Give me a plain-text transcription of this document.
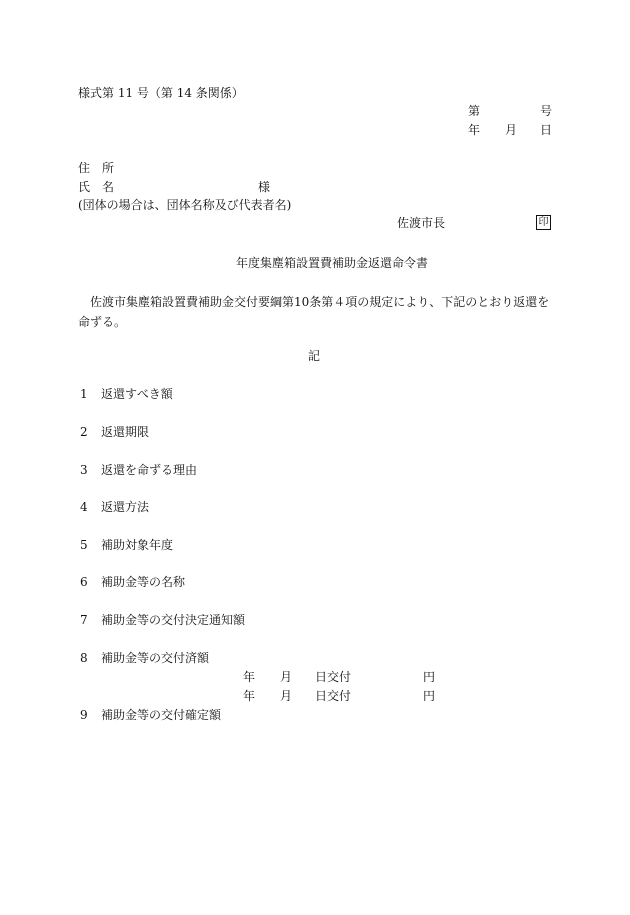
様式第 11 号（第 14 条関係）
第	号
年 月 日
住　所
氏　名	様
(団体の場合は、団体名称及び代表者名)
佐渡市長	印
年度集塵箱設置費補助金返還命令書
佐渡市集塵箱設置費補助金交付要綱第10条第４項の規定により、下記のとおり返還を命ずる。
記
1 返還すべき額
2 返還期限
3 返還を命ずる理由
4 返還方法
5 補助対象年度
6 補助金等の名称
7 補助金等の交付決定通知額
8 補助金等の交付済額
年 月 日交付	円
年 月 日交付	円
9 補助金等の交付確定額
